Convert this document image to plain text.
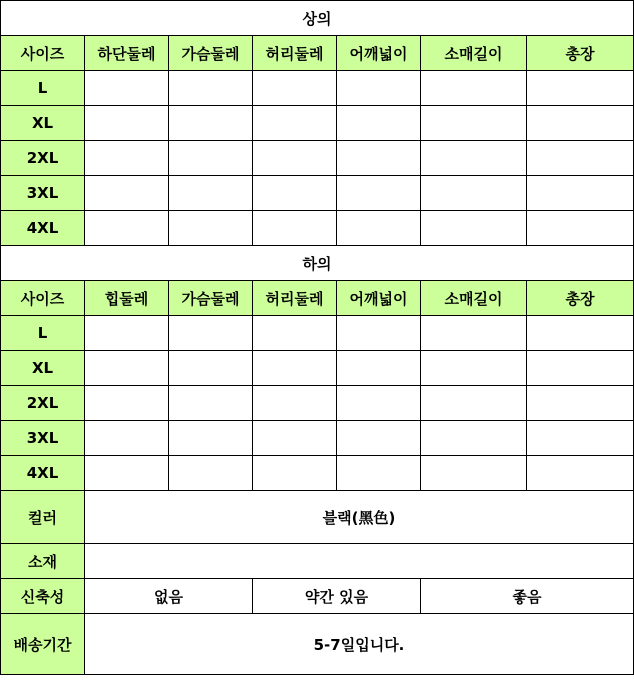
상의						
사이즈	하단둘레	가슴둘레	허리둘레	어깨넓이	소매길이	총장
L						
XL						
2XL						
3XL						
4XL						
하의						
사이즈	힙둘레	가슴둘레	허리둘레	어깨넓이	소매길이	총장
L						
XL						
2XL						
3XL						
4XL						
컬러	블랙(黑色)					
소재						
신축성	없음		약간 있음		좋음	
배송기간	5-7일입니다.					
